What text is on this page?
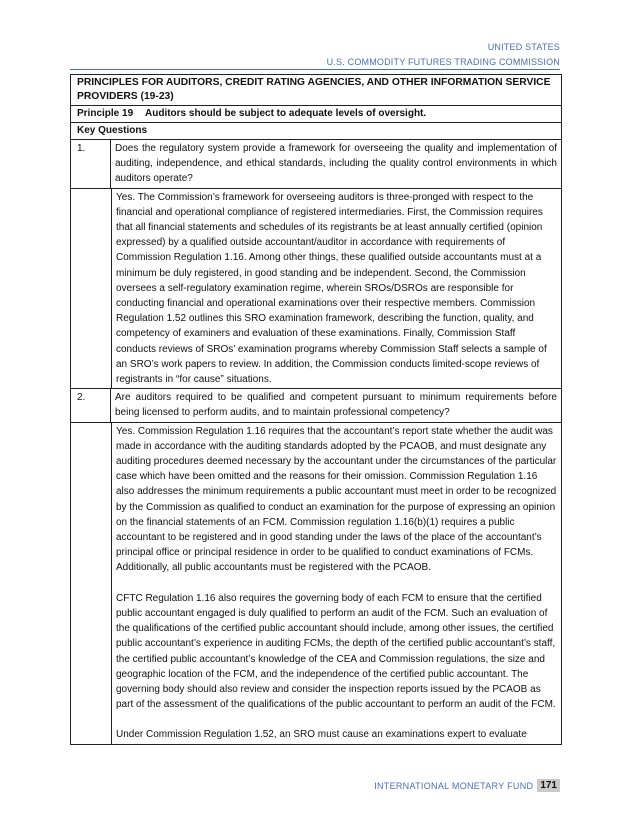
UNITED STATES
U.S. COMMODITY FUTURES TRADING COMMISSION
PRINCIPLES FOR AUDITORS, CREDIT RATING AGENCIES, AND OTHER INFORMATION SERVICE PROVIDERS (19-23)
Principle 19 Auditors should be subject to adequate levels of oversight.
Key Questions
1.	Does the regulatory system provide a framework for overseeing the quality and implementation of auditing, independence, and ethical standards, including the quality control environments in which auditors operate?
Yes. The Commission’s framework for overseeing auditors is three-pronged with respect to the financial and operational compliance of registered intermediaries. First, the Commission requires that all financial statements and schedules of its registrants be at least annually certified (opinion expressed) by a qualified outside accountant/auditor in accordance with requirements of Commission Regulation 1.16. Among other things, these qualified outside accountants must at a minimum be duly registered, in good standing and be independent. Second, the Commission oversees a self-regulatory examination regime, wherein SROs/DSROs are responsible for conducting financial and operational examinations over their respective members. Commission Regulation 1.52 outlines this SRO examination framework, describing the function, quality, and competency of examiners and evaluation of these examinations. Finally, Commission Staff conducts reviews of SROs’ examination programs whereby Commission Staff selects a sample of an SRO’s work papers to review. In addition, the Commission conducts limited-scope reviews of registrants in “for cause” situations.
2.	Are auditors required to be qualified and competent pursuant to minimum requirements before being licensed to perform audits, and to maintain professional competency?
Yes. Commission Regulation 1.16 requires that the accountant’s report state whether the audit was made in accordance with the auditing standards adopted by the PCAOB, and must designate any auditing procedures deemed necessary by the accountant under the circumstances of the particular case which have been omitted and the reasons for their omission. Commission Regulation 1.16 also addresses the minimum requirements a public accountant must meet in order to be recognized by the Commission as qualified to conduct an examination for the purpose of expressing an opinion on the financial statements of an FCM. Commission regulation 1.16(b)(1) requires a public accountant to be registered and in good standing under the laws of the place of the accountant’s principal office or principal residence in order to be qualified to conduct examinations of FCMs. Additionally, all public accountants must be registered with the PCAOB.
CFTC Regulation 1.16 also requires the governing body of each FCM to ensure that the certified public accountant engaged is duly qualified to perform an audit of the FCM. Such an evaluation of the qualifications of the certified public accountant should include, among other issues, the certified public accountant’s experience in auditing FCMs, the depth of the certified public accountant’s staff, the certified public accountant’s knowledge of the CEA and Commission regulations, the size and geographic location of the FCM, and the independence of the certified public accountant. The governing body should also review and consider the inspection reports issued by the PCAOB as part of the assessment of the qualifications of the public accountant to perform an audit of the FCM.
Under Commission Regulation 1.52, an SRO must cause an examinations expert to evaluate
INTERNATIONAL MONETARY FUND 171
